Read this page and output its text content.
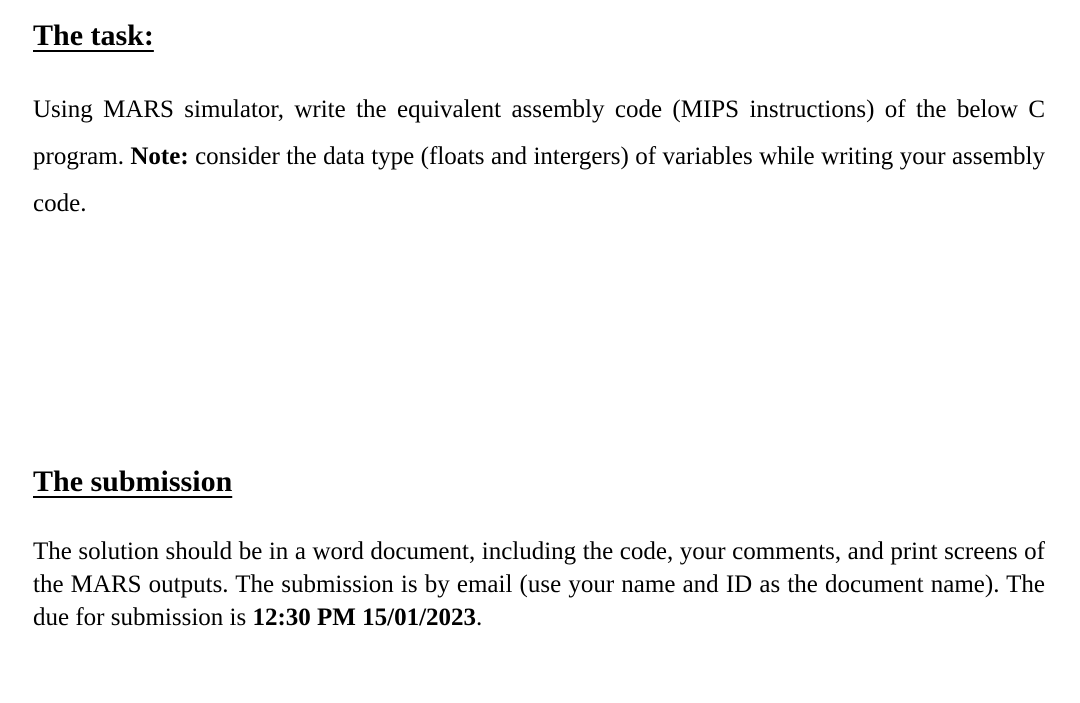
The task:

Using MARS simulator, write the equivalent assembly code (MIPS instructions) of the below C program. Note: consider the data type (floats and intergers) of variables while writing your assembly code.

The submission

The solution should be in a word document, including the code, your comments, and print screens of the MARS outputs. The submission is by email (use your name and ID as the document name). The due for submission is 12:30 PM 15/01/2023.
